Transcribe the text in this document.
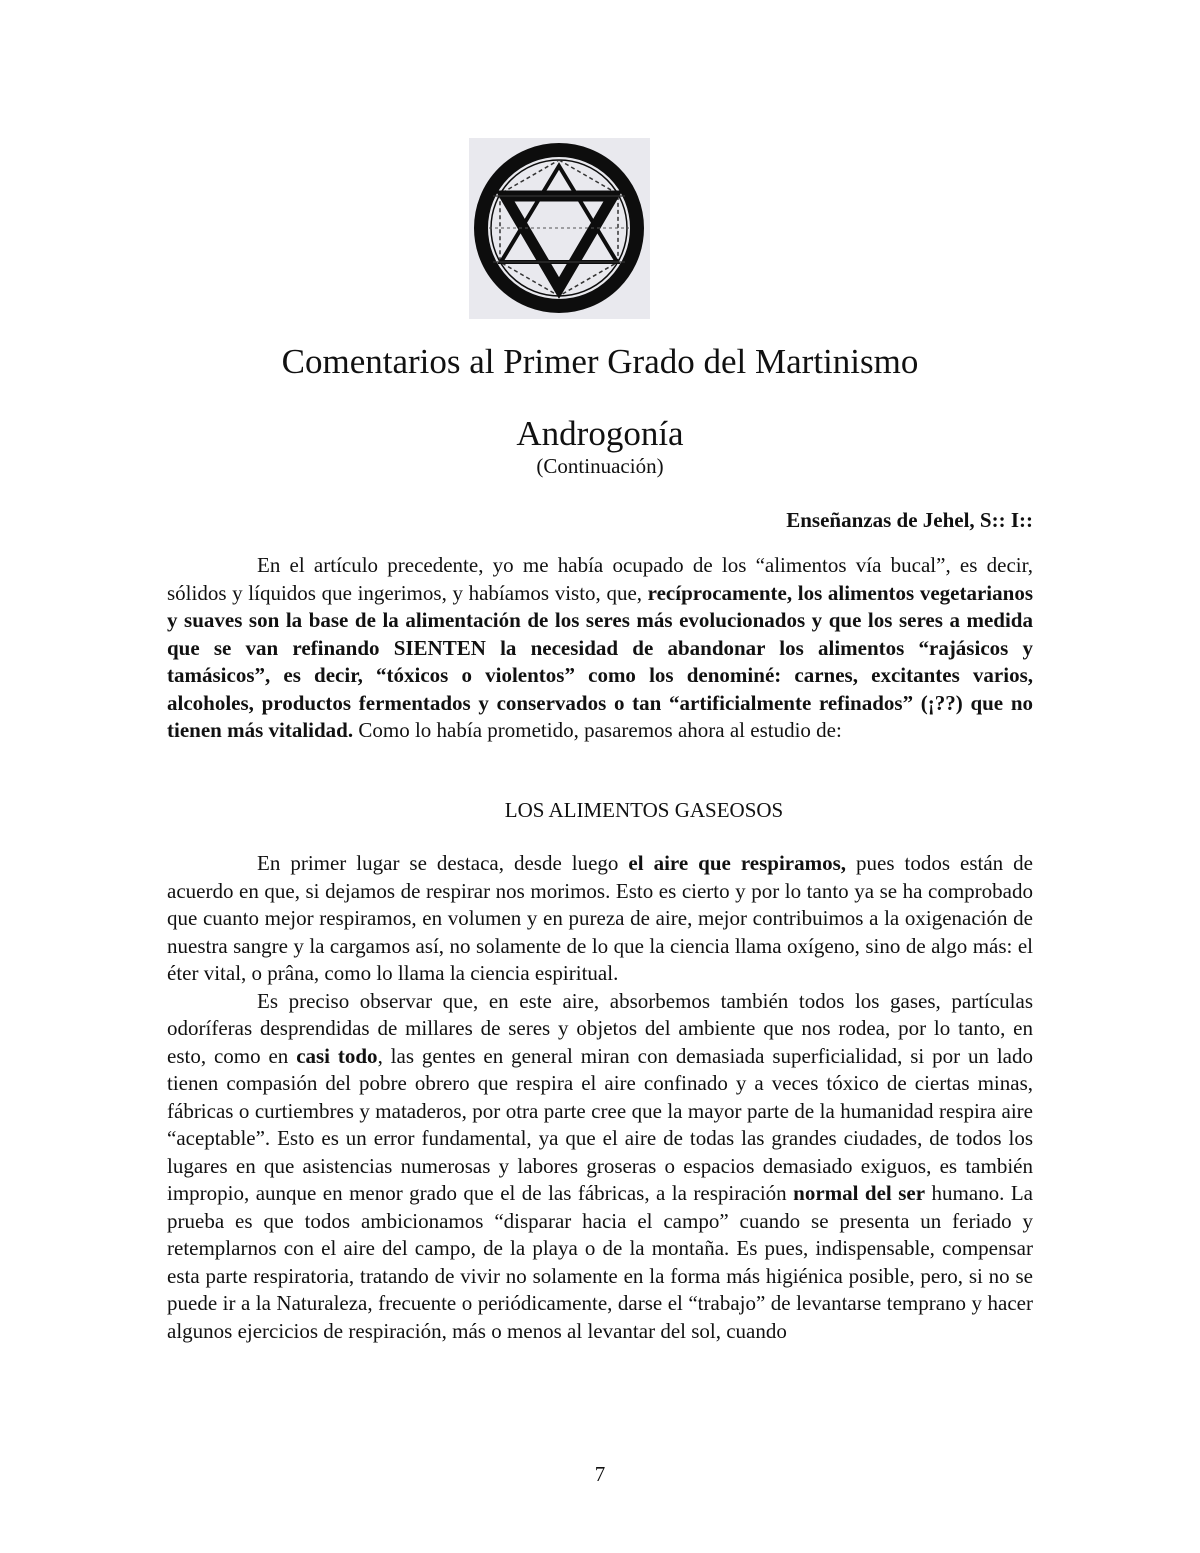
Comentarios al Primer Grado del Martinismo
Androgonía
(Continuación)
Enseñanzas de Jehel, S:: I::

En el artículo precedente, yo me había ocupado de los “alimentos vía bucal”, es decir, sólidos y líquidos que ingerimos, y habíamos visto, que, recíprocamente, los alimentos vegetarianos y suaves son la base de la alimentación de los seres más evolucionados y que los seres a medida que se van refinando SIENTEN la necesidad de abandonar los alimentos “rajásicos y tamásicos”, es decir, “tóxicos o violentos” como los denominé: carnes, excitantes varios, alcoholes, productos fermentados y conservados o tan “artificialmente refinados” (¡??) que no tienen más vitalidad. Como lo había prometido, pasaremos ahora al estudio de:

LOS ALIMENTOS GASEOSOS

En primer lugar se destaca, desde luego el aire que respiramos, pues todos están de acuerdo en que, si dejamos de respirar nos morimos. Esto es cierto y por lo tanto ya se ha comprobado que cuanto mejor respiramos, en volumen y en pureza de aire, mejor contribuimos a la oxigenación de nuestra sangre y la cargamos así, no solamente de lo que la ciencia llama oxígeno, sino de algo más: el éter vital, o prâna, como lo llama la ciencia espiritual.

Es preciso observar que, en este aire, absorbemos también todos los gases, partículas odoríferas desprendidas de millares de seres y objetos del ambiente que nos rodea, por lo tanto, en esto, como en casi todo, las gentes en general miran con demasiada superficialidad, si por un lado tienen compasión del pobre obrero que respira el aire confinado y a veces tóxico de ciertas minas, fábricas o curtiembres y mataderos, por otra parte cree que la mayor parte de la humanidad respira aire “aceptable”. Esto es un error fundamental, ya que el aire de todas las grandes ciudades, de todos los lugares en que asistencias numerosas y labores groseras o espacios demasiado exiguos, es también impropio, aunque en menor grado que el de las fábricas, a la respiración normal del ser humano. La prueba es que todos ambicionamos “disparar hacia el campo” cuando se presenta un feriado y retemplarnos con el aire del campo, de la playa o de la montaña. Es pues, indispensable, compensar esta parte respiratoria, tratando de vivir no solamente en la forma más higiénica posible, pero, si no se puede ir a la Naturaleza, frecuente o periódicamente, darse el “trabajo” de levantarse temprano y hacer algunos ejercicios de respiración, más o menos al levantar del sol, cuando

7
